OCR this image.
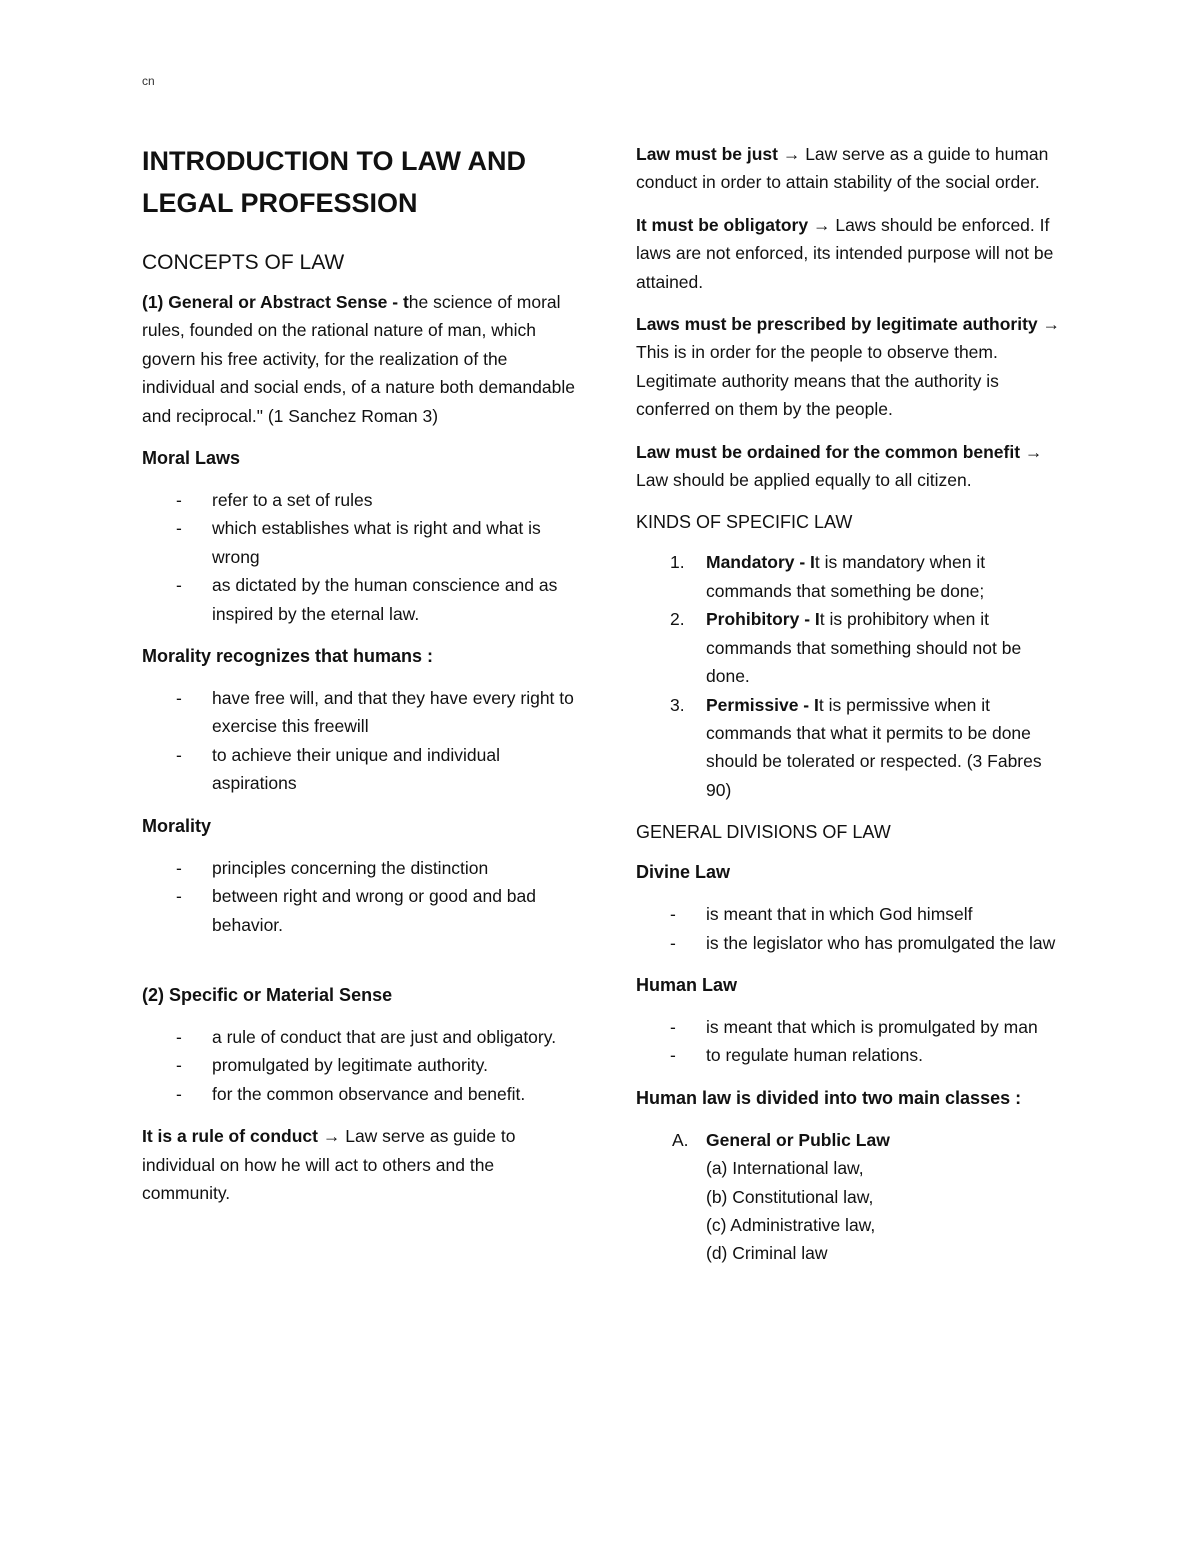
cn
INTRODUCTION TO LAW AND LEGAL PROFESSION
CONCEPTS OF LAW

(1) General or Abstract Sense - the science of moral rules, founded on the rational nature of man, which govern his free activity, for the realization of the individual and social ends, of a nature both demandable and reciprocal." (1 Sanchez Roman 3)

Moral Laws
- refer to a set of rules
- which establishes what is right and what is wrong
- as dictated by the human conscience and as inspired by the eternal law.
Morality recognizes that humans :
- have free will, and that they have every right to exercise this freewill
- to achieve their unique and individual aspirations
Morality
- principles concerning the distinction
- between right and wrong or good and bad behavior.
(2) Specific or Material Sense
- a rule of conduct that are just and obligatory.
- promulgated by legitimate authority.
- for the common observance and benefit.

It is a rule of conduct → Law serve as guide to individual on how he will act to others and the community.

Law must be just → Law serve as a guide to human conduct in order to attain stability of the social order.

It must be obligatory → Laws should be enforced. If laws are not enforced, its intended purpose will not be attained.

Laws must be prescribed by legitimate authority → This is in order for the people to observe them. Legitimate authority means that the authority is conferred on them by the people.

Law must be ordained for the common benefit → Law should be applied equally to all citizen.

KINDS OF SPECIFIC LAW
1. Mandatory - It is mandatory when it commands that something be done;
2. Prohibitory - It is prohibitory when it commands that something should not be done.
3. Permissive - It is permissive when it commands that what it permits to be done should be tolerated or respected. (3 Fabres 90)
GENERAL DIVISIONS OF LAW
Divine Law
- is meant that in which God himself
- is the legislator who has promulgated the law
Human Law
- is meant that which is promulgated by man
- to regulate human relations.
Human law is divided into two main classes :
A. General or Public Law
(a) International law,
(b) Constitutional law,
(c) Administrative law,
(d) Criminal law
